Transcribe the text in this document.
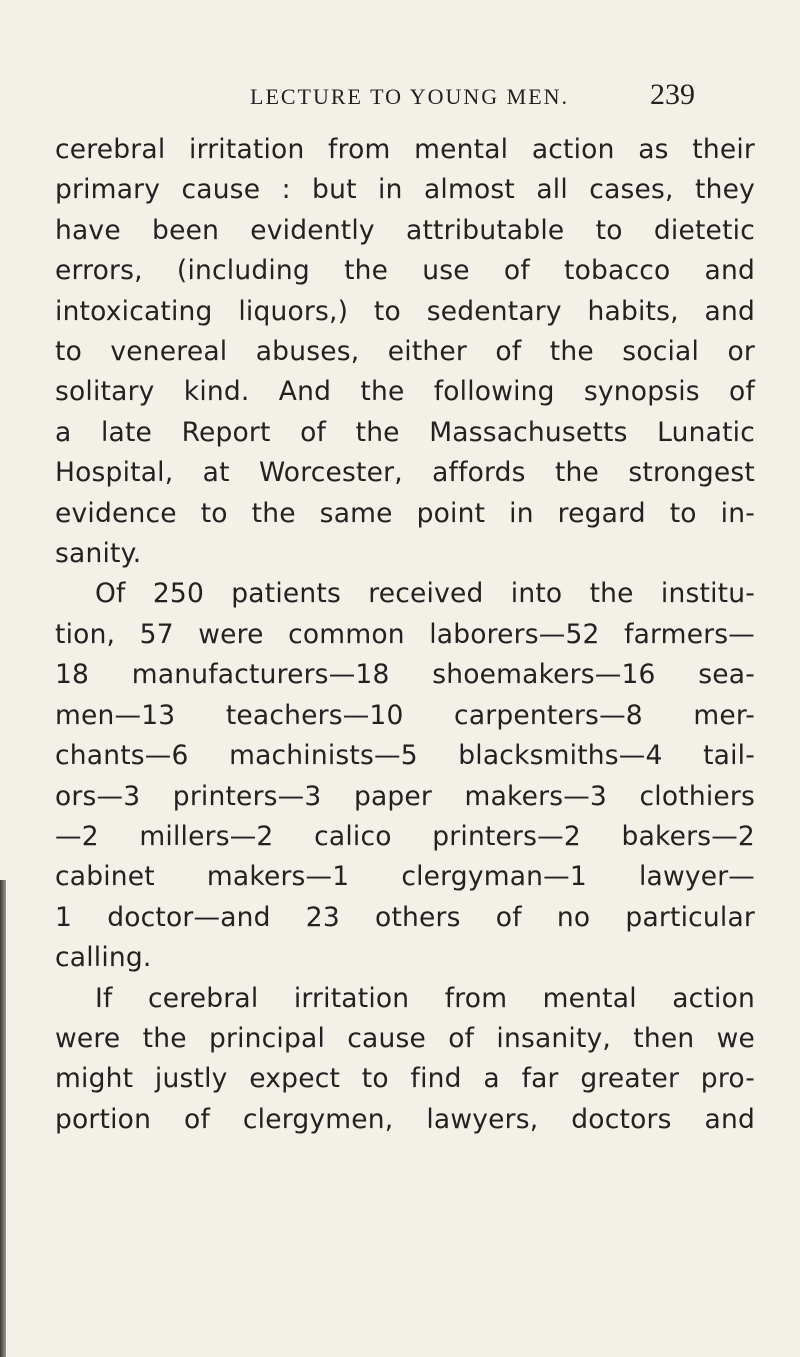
LECTURE TO YOUNG MEN.	239
cerebral irritation from mental action as their
primary cause : but in almost all cases, they
have been evidently attributable to dietetic
errors, (including the use of tobacco and
intoxicating liquors,) to sedentary habits, and
to venereal abuses, either of the social or
solitary kind. And the following synopsis of
a late Report of the Massachusetts Lunatic
Hospital, at Worcester, affords the strongest
evidence to the same point in regard to in-
sanity.
Of 250 patients received into the institu-
tion, 57 were common laborers—52 farmers—
18 manufacturers—18 shoemakers—16 sea-
men—13 teachers—10 carpenters—8 mer-
chants—6 machinists—5 blacksmiths—4 tail-
ors—3 printers—3 paper makers—3 clothiers
—2 millers—2 calico printers—2 bakers—2
cabinet makers—1 clergyman—1 lawyer—
1 doctor—and 23 others of no particular
calling.
If cerebral irritation from mental action
were the principal cause of insanity, then we
might justly expect to find a far greater pro-
portion of clergymen, lawyers, doctors and
